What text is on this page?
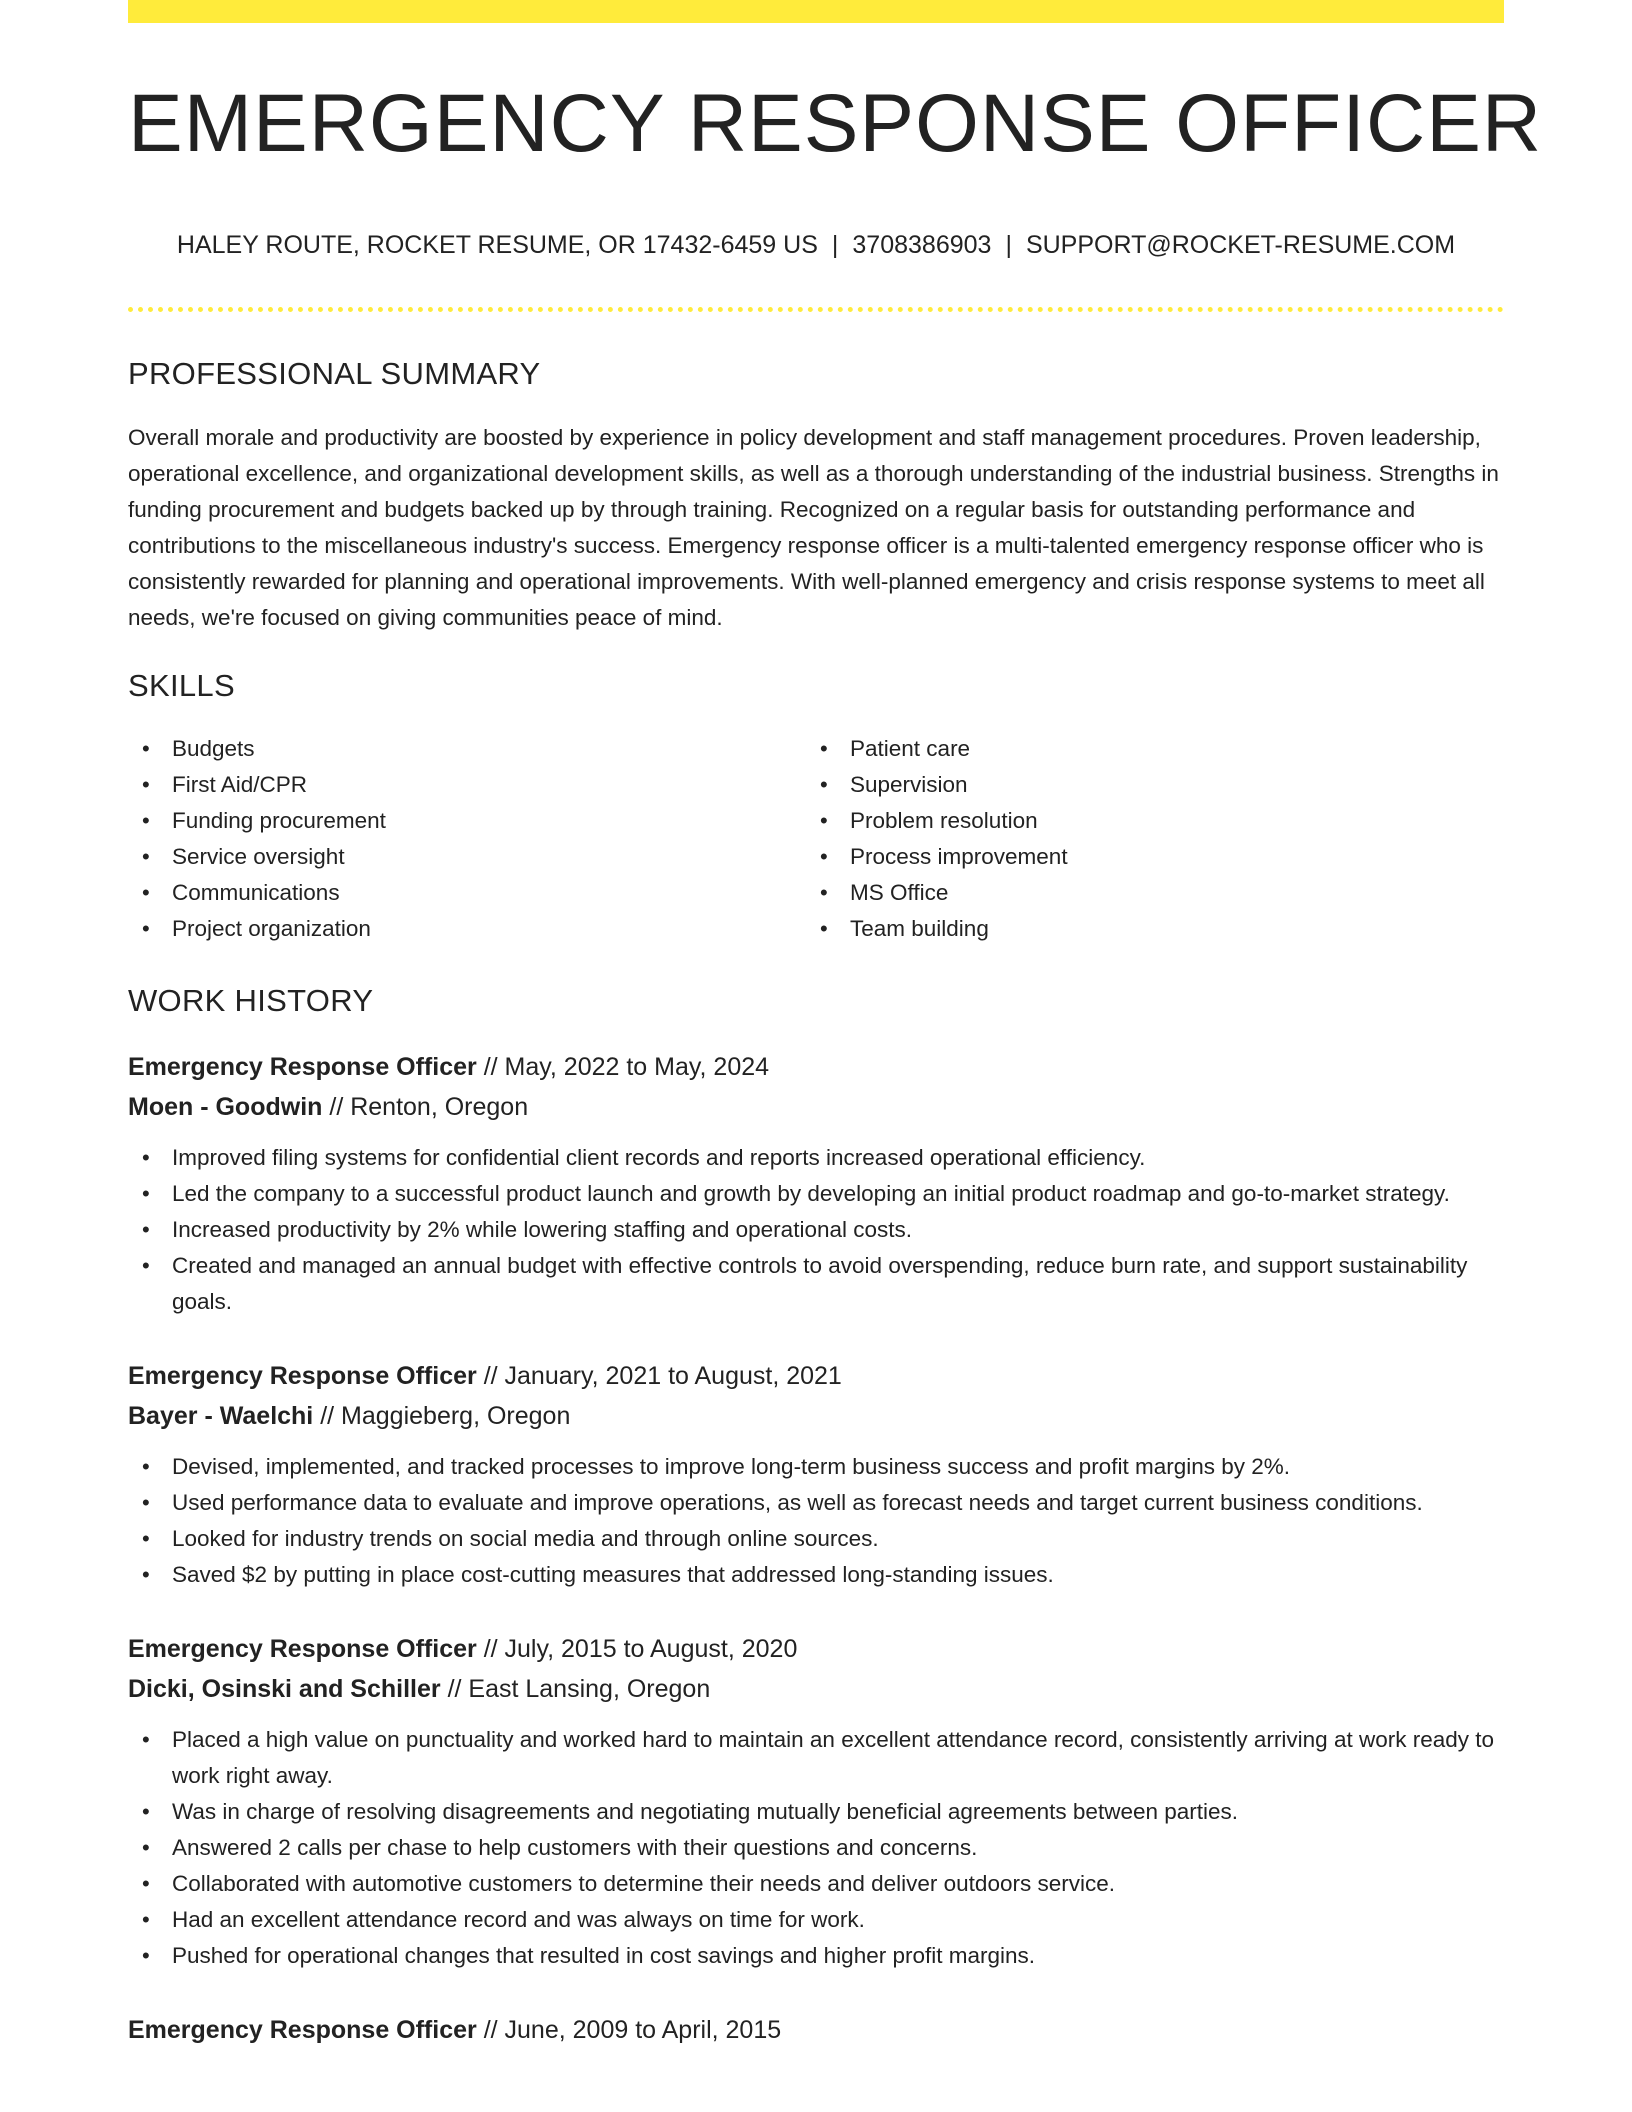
EMERGENCY RESPONSE OFFICER
HALEY ROUTE, ROCKET RESUME, OR 17432-6459 US | 3708386903 | SUPPORT@ROCKET-RESUME.COM
PROFESSIONAL SUMMARY

Overall morale and productivity are boosted by experience in policy development and staff management procedures. Proven leadership, operational excellence, and organizational development skills, as well as a thorough understanding of the industrial business. Strengths in funding procurement and budgets backed up by through training. Recognized on a regular basis for outstanding performance and contributions to the miscellaneous industry's success. Emergency response officer is a multi-talented emergency response officer who is consistently rewarded for planning and operational improvements. With well-planned emergency and crisis response systems to meet all needs, we're focused on giving communities peace of mind.

SKILLS
• Budgets
• First Aid/CPR
• Funding procurement
• Service oversight
• Communications
• Project organization
• Patient care
• Supervision
• Problem resolution
• Process improvement
• MS Office
• Team building
WORK HISTORY
Emergency Response Officer // May, 2022 to May, 2024
Moen - Goodwin // Renton, Oregon
• Improved filing systems for confidential client records and reports increased operational efficiency.
• Led the company to a successful product launch and growth by developing an initial product roadmap and go-to-market strategy.
• Increased productivity by 2% while lowering staffing and operational costs.
• Created and managed an annual budget with effective controls to avoid overspending, reduce burn rate, and support sustainability goals.
Emergency Response Officer // January, 2021 to August, 2021
Bayer - Waelchi // Maggieberg, Oregon
• Devised, implemented, and tracked processes to improve long-term business success and profit margins by 2%.
• Used performance data to evaluate and improve operations, as well as forecast needs and target current business conditions.
• Looked for industry trends on social media and through online sources.
• Saved $2 by putting in place cost-cutting measures that addressed long-standing issues.
Emergency Response Officer // July, 2015 to August, 2020
Dicki, Osinski and Schiller // East Lansing, Oregon
• Placed a high value on punctuality and worked hard to maintain an excellent attendance record, consistently arriving at work ready to work right away.
• Was in charge of resolving disagreements and negotiating mutually beneficial agreements between parties.
• Answered 2 calls per chase to help customers with their questions and concerns.
• Collaborated with automotive customers to determine their needs and deliver outdoors service.
• Had an excellent attendance record and was always on time for work.
• Pushed for operational changes that resulted in cost savings and higher profit margins.
Emergency Response Officer // June, 2009 to April, 2015
